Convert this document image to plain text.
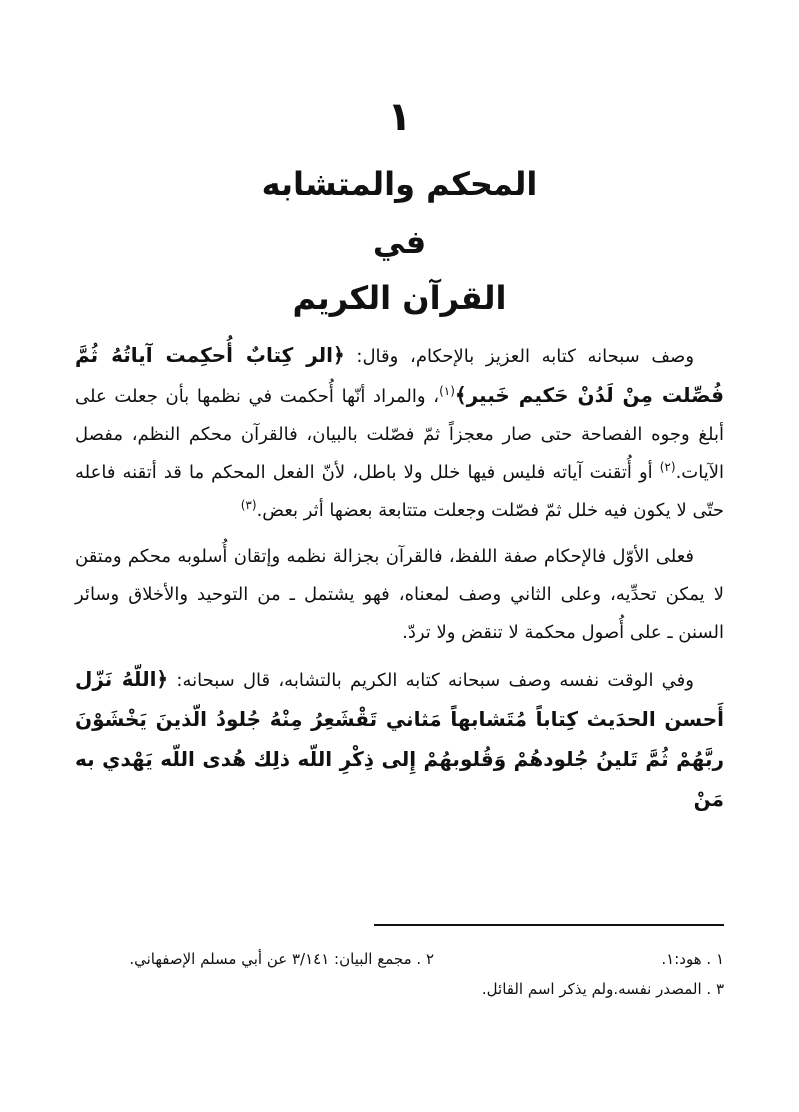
١
المحكم والمتشابه
في
القرآن الكريم

وصف سبحانه كتابه العزيز بالإحكام، وقال: ﴿الر كِتابٌ أُحكِمت آياتُهُ ثُمَّ فُصِّلت مِنْ لَدُنْ حَكيم خَبير﴾$^{(١)}$، والمراد أنّها أُحكمت في نظمها بأن جعلت على أبلغ وجوه الفصاحة حتى صار معجزاً ثمّ فصّلت بالبيان، فالقرآن محكم النظم، مفصل الآيات.$^{(٢)}$ أو أُتقنت آياته فليس فيها خلل ولا باطل، لأنّ الفعل المحكم ما قد أتقنه فاعله حتّى لا يكون فيه خلل ثمّ فصّلت وجعلت متتابعة بعضها أثر بعض.$^{(٣)}$

فعلى الأوّل فالإحكام صفة اللفظ، فالقرآن بجزالة نظمه وإتقان أُسلوبه محكم ومتقن لا يمكن تحدِّيه، وعلى الثاني وصف لمعناه، فهو يشتمل ـ من التوحيد والأخلاق وسائر السنن ـ على أُصول محكمة لا تنقض ولا تردّ.

وفي الوقت نفسه وصف سبحانه كتابه الكريم بالتشابه، قال سبحانه: ﴿اللّهُ نَزّل أَحسن الحدَيث كِتاباً مُتَشابهاً مَثاني تَقْشَعِرُ مِنْهُ جُلودُ الّذينَ يَخْشَوْنَ ربَّهُمْ ثُمَّ تَلينُ جُلودهُمْ وَقُلوبهُمْ إِلى ذِكْرِ اللّه ذلِك هُدى اللّه يَهْدي به مَنْ

١ . هود:١.
٢ . مجمع البيان: ٣/١٤١ عن أبي مسلم الإصفهاني.
٣ . المصدر نفسه.ولم يذكر اسم القائل.
